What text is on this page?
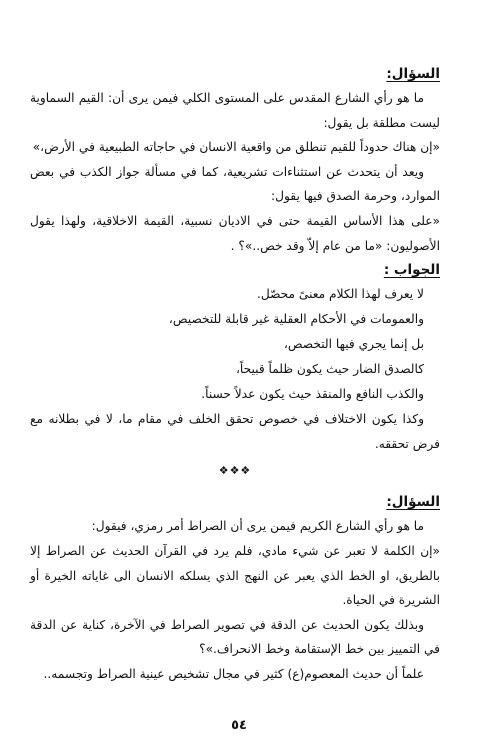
السؤال:

ما هو رأي الشارع المقدس على المستوى الكلي فيمن يرى أن: القيم السماوية ليست مطلقة بل يقول:

«إن هناك حدوداً للقيم تنطلق من واقعية الانسان في حاجاته الطبيعية في الأرض،»

ويعد أن يتحدث عن استثناءات تشريعية، كما في مسألة جواز الكذب في بعض الموارد، وحرمة الصدق فيها يقول:

«على هذا الأساس القيمة حتى في الاديان نسبية، القيمة الاخلاقية، ولهذا يقول الأصوليون: «ما من عام إلاّ وقد خص..»؟ .

الجواب :

لا يعرف لهذا الكلام معنىً محصّل.

والعمومات في الأحكام العقلية غير قابلة للتخصيص،

بل إنما يجري فيها التخصص،

كالصدق الضار حيث يكون ظلماً قبيحاً،

والكذب النافع والمنقذ حيث يكون عدلاً حسناً.

وكذا يكون الاختلاف في خصوص تحقق الخلف في مقام ما، لا في بطلانه مع فرض تحققه.

❖❖❖

السؤال:

ما هو رأي الشارع الكريم فيمن يرى أن الصراط أمر رمزي، فيقول:

«إن الكلمة لا تعبر عن شيء مادي، فلم يرد في القرآن الحديث عن الصراط إلا بالطريق، او الخط الذي يعبر عن النهج الذي يسلكه الانسان الى غاياته الخيرة أو الشريرة في الحياة.

وبذلك يكون الحديث عن الدقة في تصوير الصراط في الآخرة، كناية عن الدقة في التمييز بين خط الإستقامة وخط الانحراف.»؟

علماً أن حديث المعصوم(ع) كثير في مجال تشخيص عينية الصراط وتجسمه..

٥٤
